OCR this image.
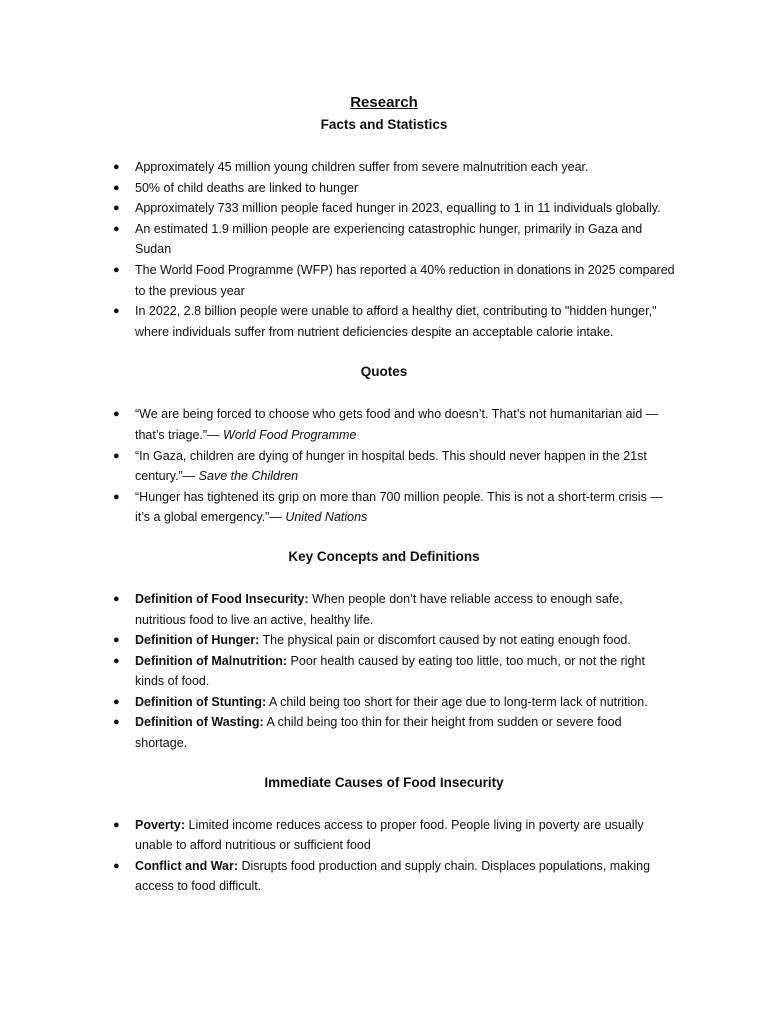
Research
Facts and Statistics
● Approximately 45 million young children suffer from severe malnutrition each year.
● 50% of child deaths are linked to hunger
● Approximately 733 million people faced hunger in 2023, equalling to 1 in 11 individuals globally.
● An estimated 1.9 million people are experiencing catastrophic hunger, primarily in Gaza and Sudan
● The World Food Programme (WFP) has reported a 40% reduction in donations in 2025 compared to the previous year
● In 2022, 2.8 billion people were unable to afford a healthy diet, contributing to "hidden hunger," where individuals suffer from nutrient deficiencies despite an acceptable calorie intake.
Quotes
● “We are being forced to choose who gets food and who doesn’t. That’s not humanitarian aid — that’s triage.”— World Food Programme
● “In Gaza, children are dying of hunger in hospital beds. This should never happen in the 21st century.”— Save the Children
● “Hunger has tightened its grip on more than 700 million people. This is not a short-term crisis — it’s a global emergency.”— United Nations
Key Concepts and Definitions
● Definition of Food Insecurity: When people don’t have reliable access to enough safe, nutritious food to live an active, healthy life.
● Definition of Hunger: The physical pain or discomfort caused by not eating enough food.
● Definition of Malnutrition: Poor health caused by eating too little, too much, or not the right kinds of food.
● Definition of Stunting: A child being too short for their age due to long-term lack of nutrition.
● Definition of Wasting: A child being too thin for their height from sudden or severe food shortage.
Immediate Causes of Food Insecurity
● Poverty: Limited income reduces access to proper food. People living in poverty are usually unable to afford nutritious or sufficient food
● Conflict and War: Disrupts food production and supply chain. Displaces populations, making access to food difficult.
